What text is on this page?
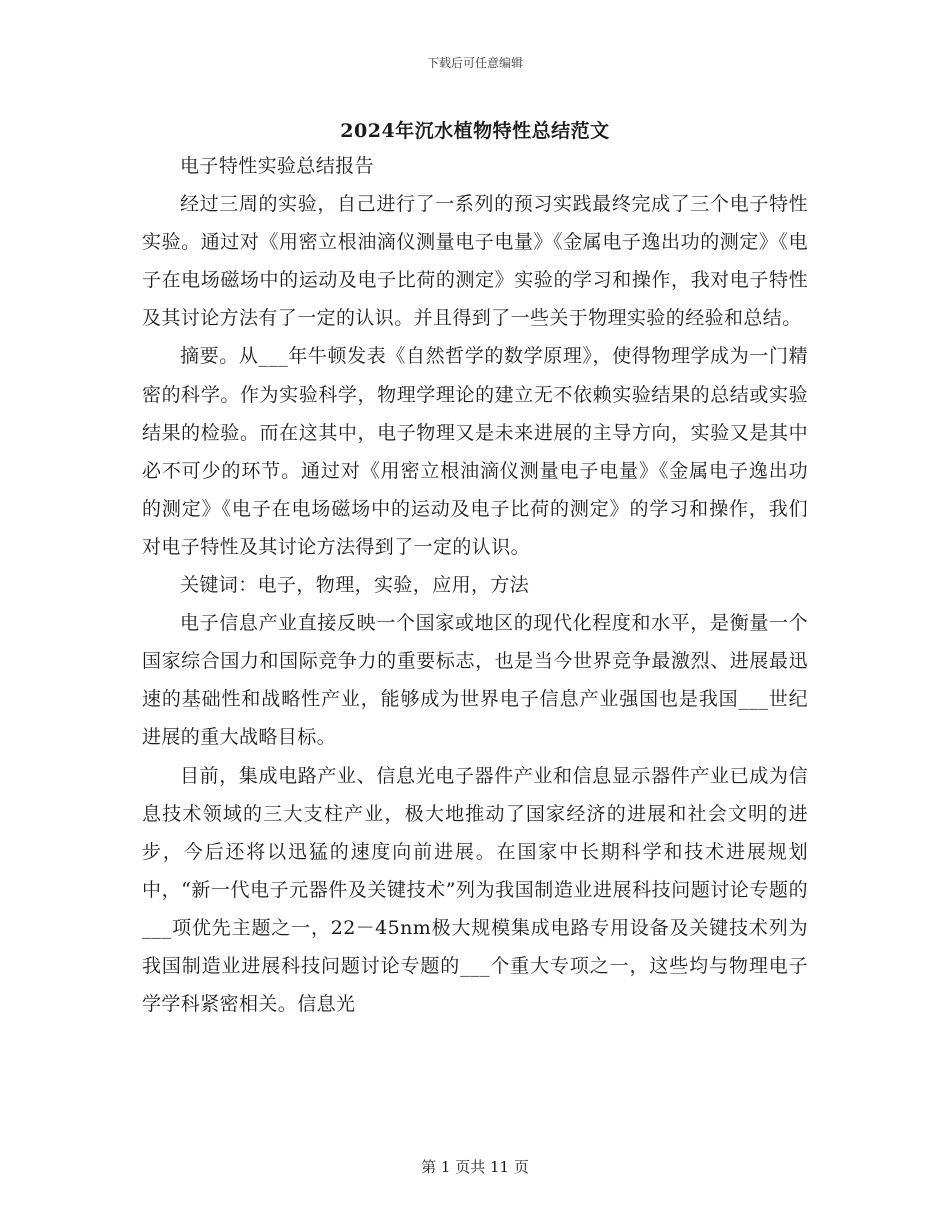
下载后可任意编辑
2024年沉水植物特性总结范文

电子特性实验总结报告

经过三周的实验，自己进行了一系列的预习实践最终完成了三个电子特性实验。通过对《用密立根油滴仪测量电子电量》《金属电子逸出功的测定》《电子在电场磁场中的运动及电子比荷的测定》实验的学习和操作，我对电子特性及其讨论方法有了一定的认识。并且得到了一些关于物理实验的经验和总结。

摘要。从___年牛顿发表《自然哲学的数学原理》，使得物理学成为一门精密的科学。作为实验科学，物理学理论的建立无不依赖实验结果的总结或实验结果的检验。而在这其中，电子物理又是未来进展的主导方向，实验又是其中必不可少的环节。通过对《用密立根油滴仪测量电子电量》《金属电子逸出功的测定》《电子在电场磁场中的运动及电子比荷的测定》的学习和操作，我们对电子特性及其讨论方法得到了一定的认识。

关键词：电子，物理，实验，应用，方法

电子信息产业直接反映一个国家或地区的现代化程度和水平，是衡量一个国家综合国力和国际竞争力的重要标志，也是当今世界竞争最激烈、进展最迅速的基础性和战略性产业，能够成为世界电子信息产业强国也是我国___世纪进展的重大战略目标。

目前，集成电路产业、信息光电子器件产业和信息显示器件产业已成为信息技术领域的三大支柱产业，极大地推动了国家经济的进展和社会文明的进步，今后还将以迅猛的速度向前进展。在国家中长期科学和技术进展规划中，“新一代电子元器件及关键技术”列为我国制造业进展科技问题讨论专题的___项优先主题之一，22－45nm极大规模集成电路专用设备及关键技术列为我国制造业进展科技问题讨论专题的___个重大专项之一，这些均与物理电子学学科紧密相关。信息光

第 1 页共 11 页
